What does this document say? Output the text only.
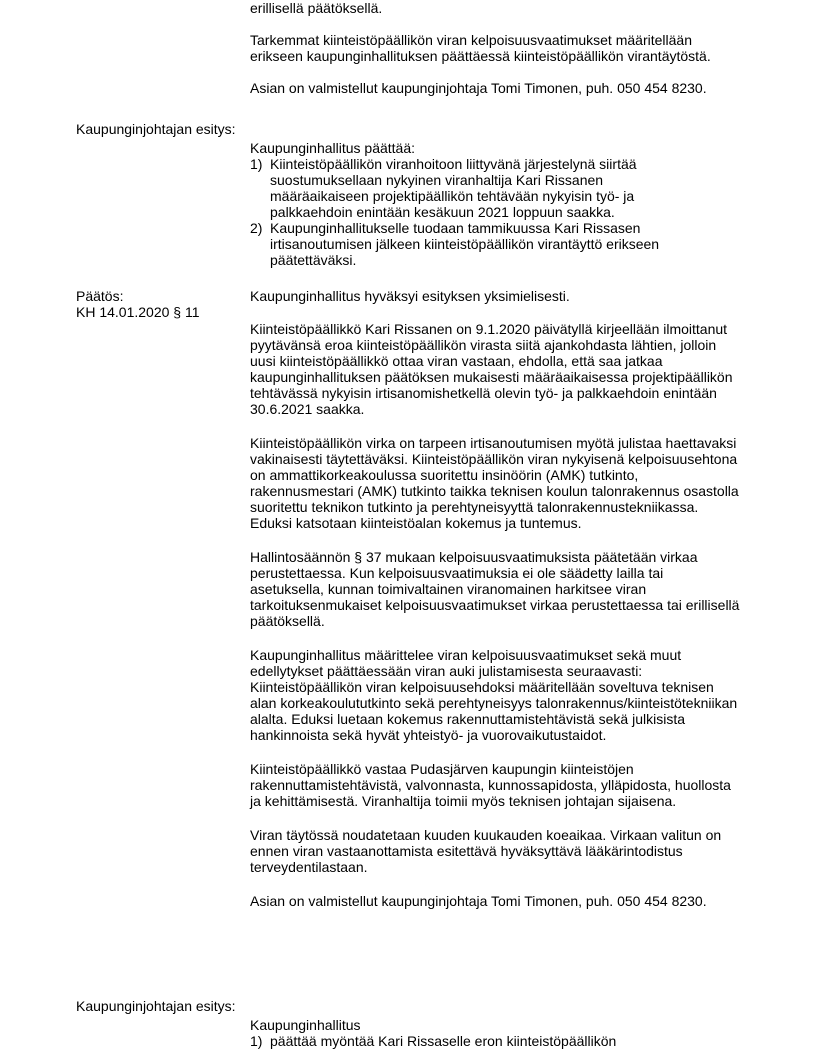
erillisellä päätöksellä.

Tarkemmat kiinteistöpäällikön viran kelpoisuusvaatimukset määritellään erikseen kaupunginhallituksen päättäessä kiinteistöpäällikön virantäytöstä.

Asian on valmistellut kaupunginjohtaja Tomi Timonen, puh. 050 454 8230.

Kaupunginjohtajan esitys:

Kaupunginhallitus päättää:

1) Kiinteistöpäällikön viranhoitoon liittyvänä järjestelynä siirtää suostumuksellaan nykyinen viranhaltija Kari Rissanen määräaikaiseen projektipäällikön tehtävään nykyisin työ- ja palkkaehdoin enintään kesäkuun 2021 loppuun saakka.
2) Kaupunginhallitukselle tuodaan tammikuussa Kari Rissasen irtisanoutumisen jälkeen kiinteistöpäällikön virantäyttö erikseen päätettäväksi.
Päätös:
KH 14.01.2020 § 11

Kaupunginhallitus hyväksyi esityksen yksimielisesti.

Kiinteistöpäällikkö Kari Rissanen on 9.1.2020 päivätyllä kirjeellään ilmoittanut pyytävänsä eroa kiinteistöpäällikön virasta siitä ajankohdasta lähtien, jolloin uusi kiinteistöpäällikkö ottaa viran vastaan, ehdolla, että saa jatkaa kaupunginhallituksen päätöksen mukaisesti määräaikaisessa projektipäällikön tehtävässä nykyisin irtisanomishetkellä olevin työ- ja palkkaehdoin enintään 30.6.2021 saakka.

Kiinteistöpäällikön virka on tarpeen irtisanoutumisen myötä julistaa haettavaksi vakinaisesti täytettäväksi. Kiinteistöpäällikön viran nykyisenä kelpoisuusehtona on ammattikorkeakoulussa suoritettu insinöörin (AMK) tutkinto, rakennusmestari (AMK) tutkinto taikka teknisen koulun talonrakennus osastolla suoritettu teknikon tutkinto ja perehtyneisyyttä talonrakennustekniikassa. Eduksi katsotaan kiinteistöalan kokemus ja tuntemus.

Hallintosäännön § 37 mukaan kelpoisuusvaatimuksista päätetään virkaa perustettaessa. Kun kelpoisuusvaatimuksia ei ole säädetty lailla tai asetuksella, kunnan toimivaltainen viranomainen harkitsee viran tarkoituksenmukaiset kelpoisuusvaatimukset virkaa perustettaessa tai erillisellä päätöksellä.

Kaupunginhallitus määrittelee viran kelpoisuusvaatimukset sekä muut edellytykset päättäessään viran auki julistamisesta seuraavasti: Kiinteistöpäällikön viran kelpoisuusehdoksi määritellään soveltuva teknisen alan korkeakoulututkinto sekä perehtyneisyys talonrakennus/kiinteistötekniikan alalta. Eduksi luetaan kokemus rakennuttamistehtävistä sekä julkisista hankinnoista sekä hyvät yhteistyö- ja vuorovaikutustaidot.

Kiinteistöpäällikkö vastaa Pudasjärven kaupungin kiinteistöjen rakennuttamistehtävistä, valvonnasta, kunnossapidosta, ylläpidosta, huollosta ja kehittämisestä. Viranhaltija toimii myös teknisen johtajan sijaisena.

Viran täytössä noudatetaan kuuden kuukauden koeaikaa. Virkaan valitun on ennen viran vastaanottamista esitettävä hyväksyttävä lääkärintodistus terveydentilastaan.

Asian on valmistellut kaupunginjohtaja Tomi Timonen, puh. 050 454 8230.

Kaupunginjohtajan esitys:

Kaupunginhallitus

1) päättää myöntää Kari Rissaselle eron kiinteistöpäällikön
